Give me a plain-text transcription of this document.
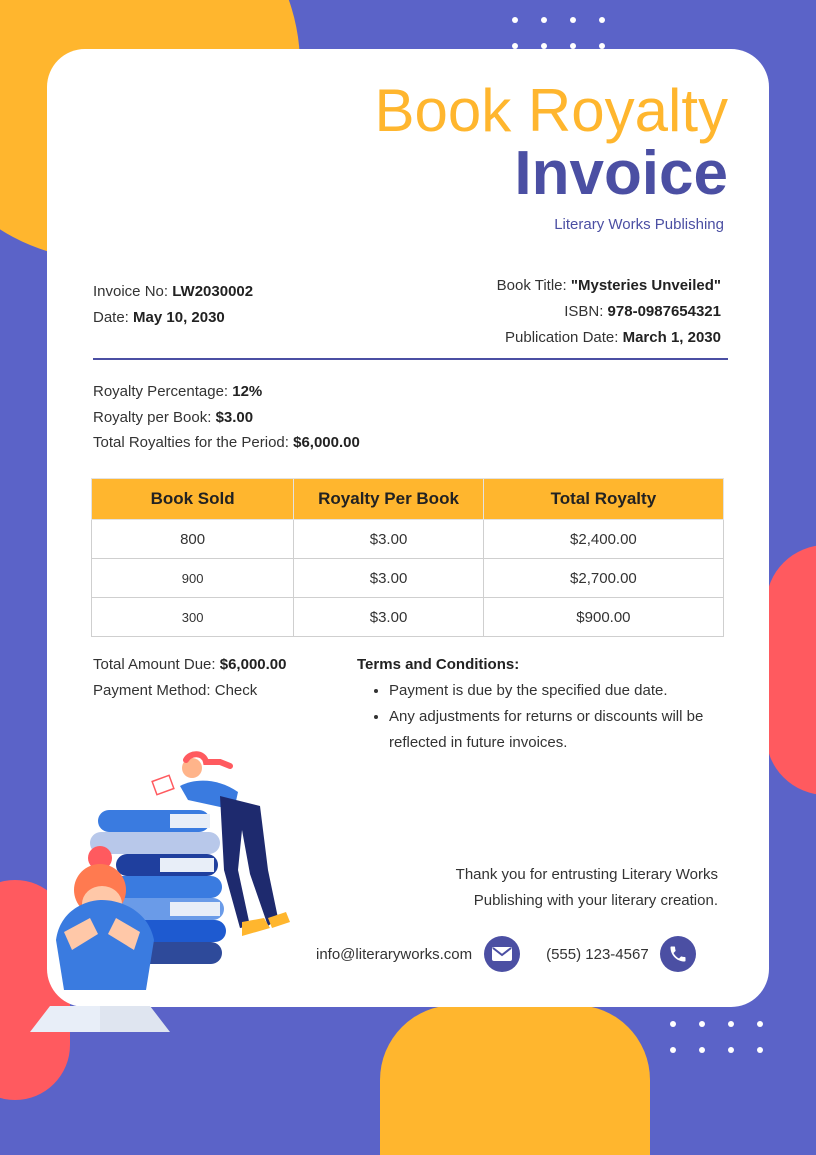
Literary
Works	Book Royalty
Invoice
Literary Works Publishing
Invoice No: LW2030002
Date: May 10, 2030
Book Title: "Mysteries Unveiled"
ISBN: 978-0987654321
Publication Date: March 1, 2030
Royalty Percentage: 12%
Royalty per Book: $3.00
Total Royalties for the Period: $6,000.00
Book Sold	Royalty Per Book	Total Royalty
800	$3.00	$2,400.00
900	$3.00	$2,700.00
300	$3.00	$900.00
Total Amount Due: $6,000.00
Payment Method: Check
Terms and Conditions:
• Payment is due by the specified due date.
• Any adjustments for returns or discounts will be reflected in future invoices.
Thank you for entrusting Literary Works
Publishing with your literary creation.
info@literaryworks.com	(555) 123-4567
